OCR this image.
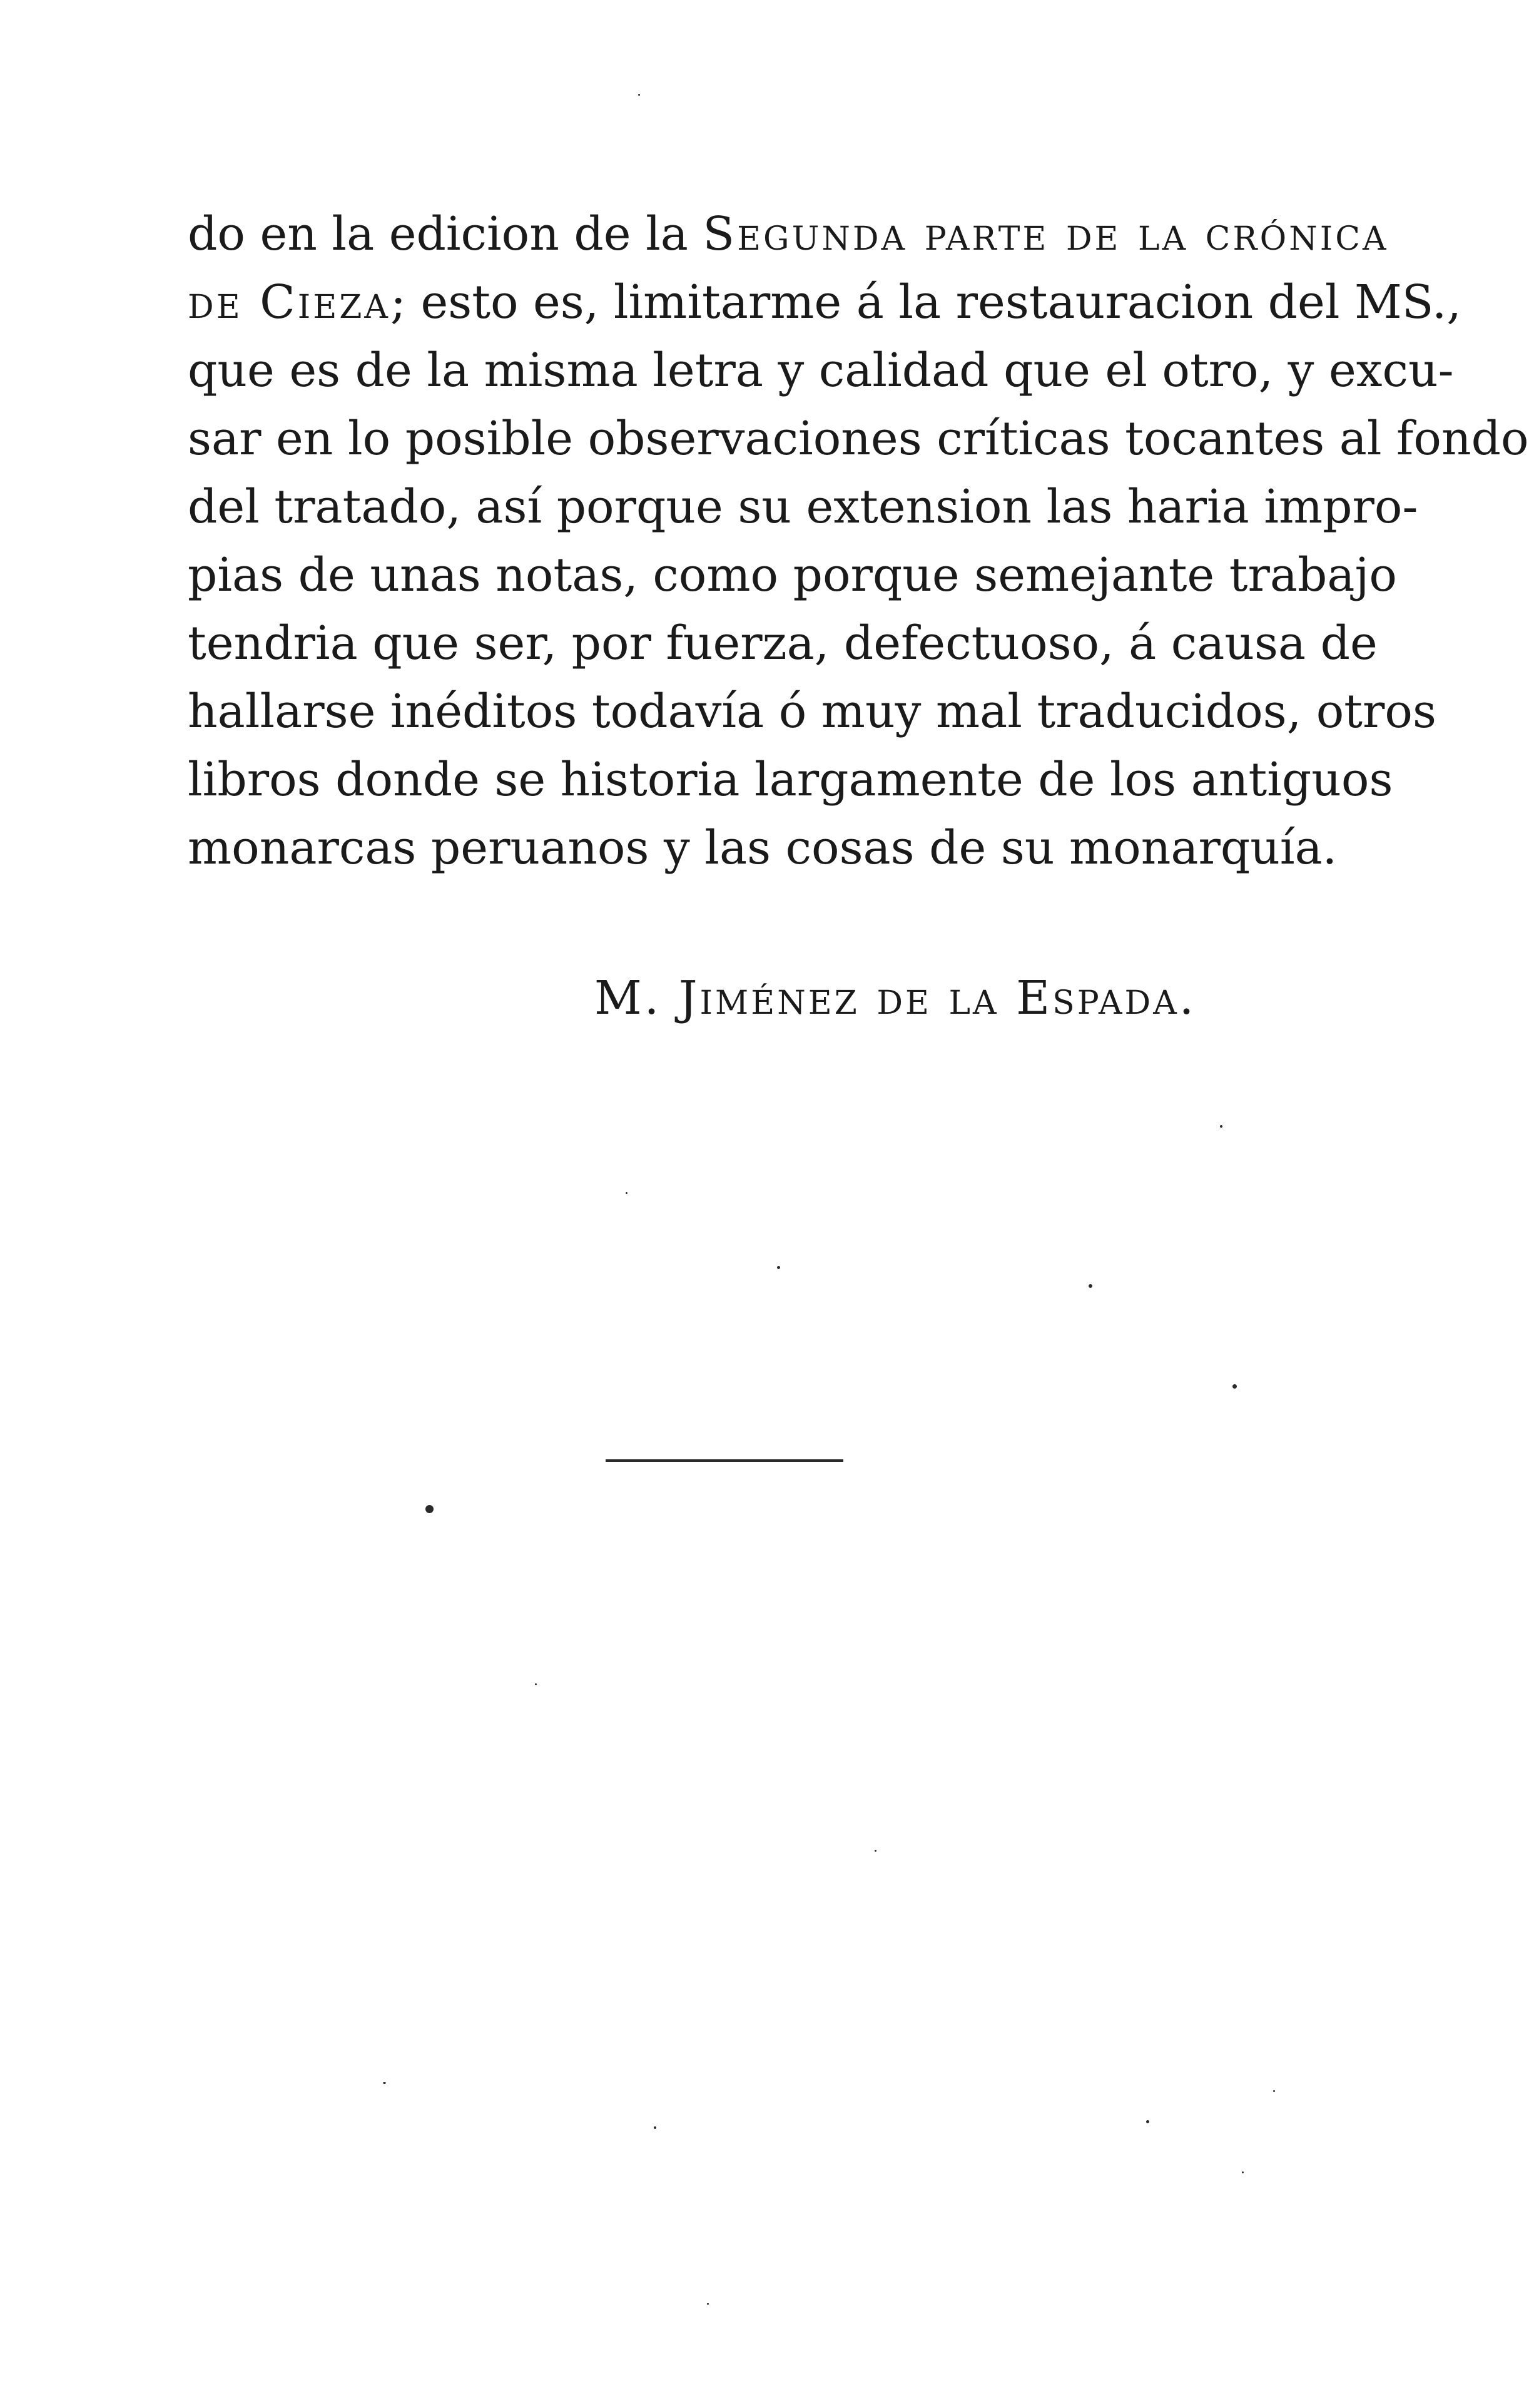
do en la edicion de la Segunda parte de la crónica
de Cieza; esto es, limitarme á la restauracion del MS.,
que es de la misma letra y calidad que el otro, y excu-
sar en lo posible observaciones críticas tocantes al fondo
del tratado, así porque su extension las haria impro-
pias de unas notas, como porque semejante trabajo
tendria que ser, por fuerza, defectuoso, á causa de
hallarse inéditos todavía ó muy mal traducidos, otros
libros donde se historia largamente de los antiguos
monarcas peruanos y las cosas de su monarquía.
M. Jiménez de la Espada.
